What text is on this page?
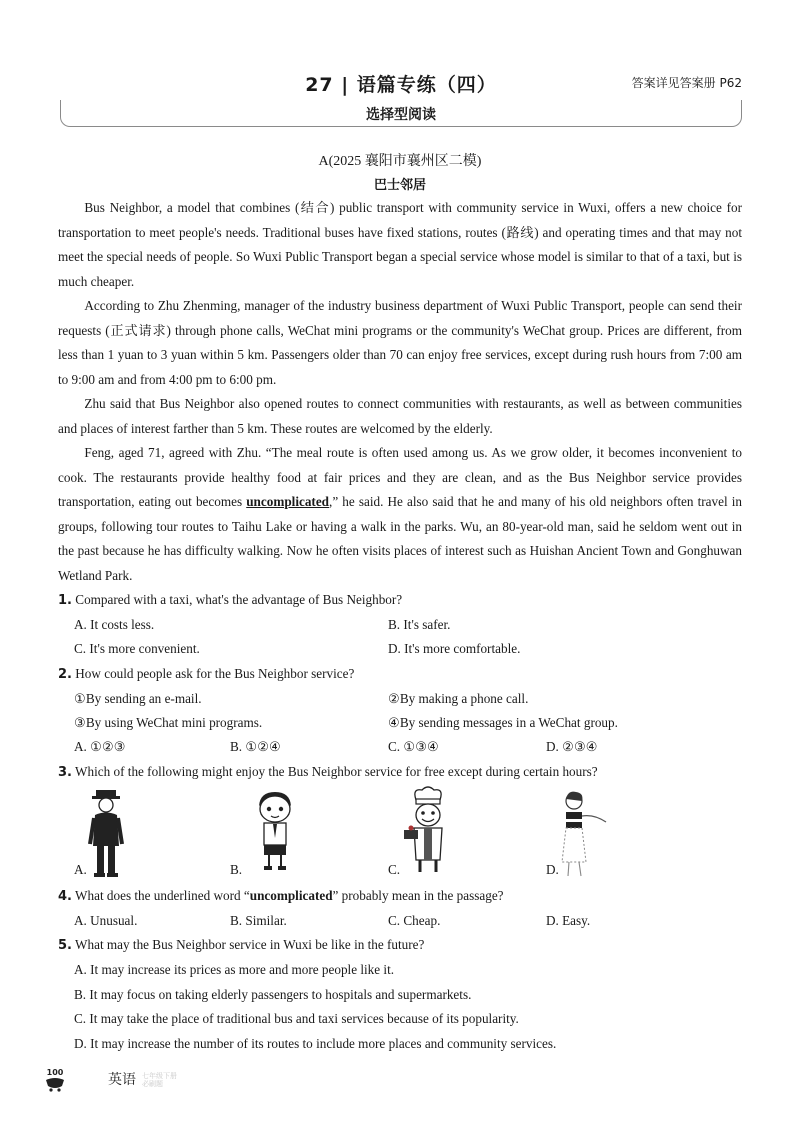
27 | 语篇专练（四）	答案详见答案册 P62
选择型阅读
A(2025 襄阳市襄州区二模)
巴士邻居

Bus Neighbor, a model that combines (结合) public transport with community service in Wuxi, offers a new choice for transportation to meet people's needs. Traditional buses have fixed stations, routes (路线) and operating times and that may not meet the special needs of people. So Wuxi Public Transport began a special service whose model is similar to that of a taxi, but is much cheaper.

According to Zhu Zhenming, manager of the industry business department of Wuxi Public Transport, people can send their requests (正式请求) through phone calls, WeChat mini programs or the community's WeChat group. Prices are different, from less than 1 yuan to 3 yuan within 5 km. Passengers older than 70 can enjoy free services, except during rush hours from 7:00 am to 9:00 am and from 4:00 pm to 6:00 pm.

Zhu said that Bus Neighbor also opened routes to connect communities with restaurants, as well as between communities and places of interest farther than 5 km. These routes are welcomed by the elderly.

Feng, aged 71, agreed with Zhu. “The meal route is often used among us. As we grow older, it becomes inconvenient to cook. The restaurants provide healthy food at fair prices and they are clean, and as the Bus Neighbor service provides transportation, eating out becomes uncomplicated,” he said. He also said that he and many of his old neighbors often travel in groups, following tour routes to Taihu Lake or having a walk in the parks. Wu, an 80-year-old man, said he seldom went out in the past because he has difficulty walking. Now he often visits places of interest such as Huishan Ancient Town and Gonghuwan Wetland Park.

1. Compared with a taxi, what's the advantage of Bus Neighbor?
A. It costs less.	B. It's safer.
C. It's more convenient.	D. It's more comfortable.
2. How could people ask for the Bus Neighbor service?
①By sending an e-mail.	②By making a phone call.
③By using WeChat mini programs.	④By sending messages in a WeChat group.
A. ①②③	B. ①②④	C. ①③④	D. ②③④
3. Which of the following might enjoy the Bus Neighbor service for free except during certain hours?
A.	B.	C.	D.
4. What does the underlined word “uncomplicated” probably mean in the passage?
A. Unusual.	B. Similar.	C. Cheap.	D. Easy.
5. What may the Bus Neighbor service in Wuxi be like in the future?
A. It may increase its prices as more and more people like it.
B. It may focus on taking elderly passengers to hospitals and supermarkets.
C. It may take the place of traditional bus and taxi services because of its popularity.
D. It may increase the number of its routes to include more places and community services.
100	英语 七年级下册
必刷题
